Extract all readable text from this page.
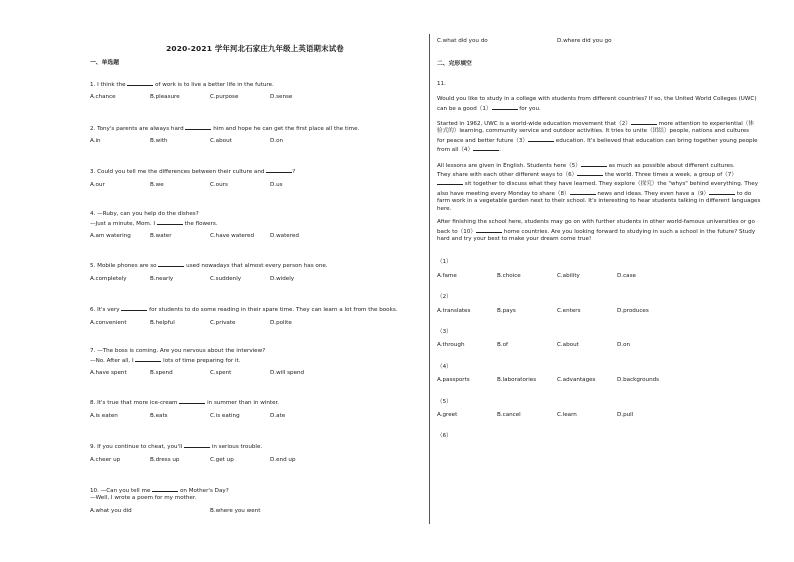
2020-2021 学年河北石家庄九年级上英语期末试卷
一、单选题
1. I think the	of work is to live a better life in the future.
A.chance	B.pleasure	C.purpose	D.sense
2. Tony's parents are always hard	him and hope he can get the first place all the time.
A.in	B.with	C.about	D.on
3. Could you tell me the differences between their culture and	?
A.our	B.we	C.ours	D.us
4. —Ruby, can you help do the dishes?
—Just a minute, Mom. I	the flowers.
A.am watering	B.water	C.have watered	D.watered
5. Mobile phones are so	used nowadays that almost every person has one.
A.completely	B.nearly	C.suddenly	D.widely
6. It's very	for students to do some reading in their spare time. They can learn a lot from the books.
A.convenient	B.helpful	C.private	D.polite
7. —The boss is coming. Are you nervous about the interview?
—No. After all, I	lots of time preparing for it.
A.have spent	B.spend	C.spent	D.will spend
8. It's true that more ice-cream	in summer than in winter.
A.is eaten	B.eats	C.is eating	D.ate
9. If you continue to cheat, you'll	in serious trouble.
A.cheer up	B.dress up	C.get up	D.end up
10. —Can you tell me	on Mother's Day?
—Well, I wrote a poem for my mother.
A.what you did	B.where you went
C.what did you do	D.where did you go
二、完形填空
11.
Would you like to study in a college with students from different countries? If so, the United World Colleges (UWC)
can be a good（1）	for you.
Started in 1962, UWC is a world-wide education movement that（2）	more attention to experiential（体
验式的）learning, community service and outdoor activities. It tries to unite（团结）people, nations and cultures
for peace and better future（3）	education. It's believed that education can bring together young people
from all（4）	.
All lessons are given in English. Students here（5）	as much as possible about different cultures.
They share with each other different ways to（6）	the world. Three times a week, a group of（7）
sit together to discuss what they have learned. They explore（探究）the "whys" behind everything. They
also have meeting every Monday to share（8）	news and ideas. They even have a（9）	to do
farm work in a vegetable garden next to their school. It's interesting to hear students talking in different languages
here.
After finishing the school here, students may go on with further students in other world-famous universities or go
back to（10）	home countries. Are you looking forward to studying in such a school in the future? Study
hard and try your best to make your dream come true!
（1）
A.fame	B.choice	C.ability	D.case
（2）
A.translates	B.pays	C.enters	D.produces
（3）
A.through	B.of	C.about	D.on
（4）
A.passports	B.laboratories	C.advantages	D.backgrounds
（5）
A.greet	B.cancel	C.learn	D.pull
（6）
